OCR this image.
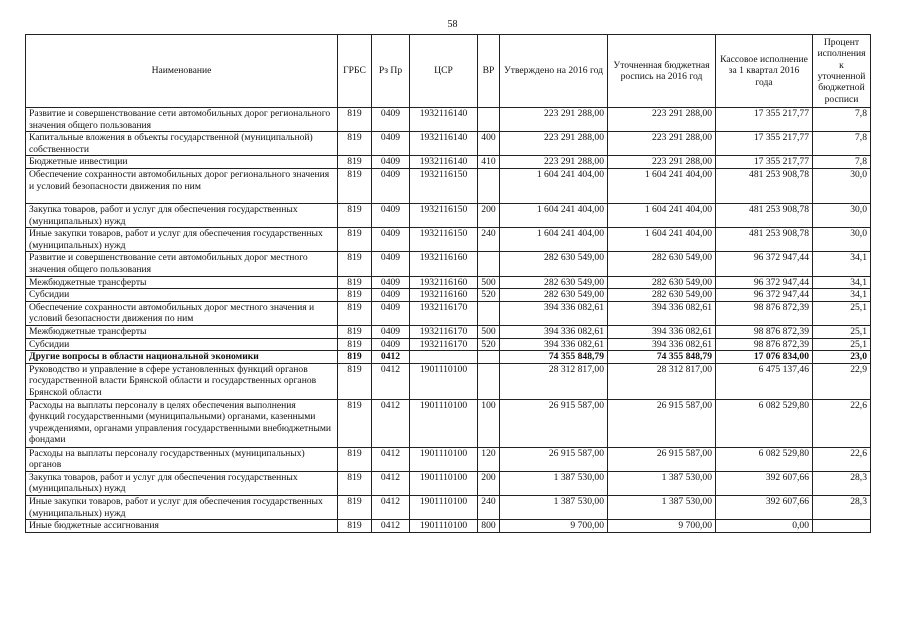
58
Наименование	ГРБС	Рз Пр	ЦСР	ВР	Утверждено на 2016 год	Уточненная бюджетная роспись на 2016 год	Кассовое исполнение за 1 квартал 2016 года	Процент исполнения к уточненной бюджетной росписи
Развитие и совершенствование сети автомобильных дорог регионального значения общего пользования	819	0409	1932116140		223 291 288,00	223 291 288,00	17 355 217,77	7,8
Капитальные вложения в объекты государственной (муниципальной) собственности	819	0409	1932116140	400	223 291 288,00	223 291 288,00	17 355 217,77	7,8
Бюджетные инвестиции	819	0409	1932116140	410	223 291 288,00	223 291 288,00	17 355 217,77	7,8
Обеспечение сохранности автомобильных дорог регионального значения и условий безопасности движения по ним	819	0409	1932116150		1 604 241 404,00	1 604 241 404,00	481 253 908,78	30,0
Закупка товаров, работ и услуг для обеспечения государственных (муниципальных) нужд	819	0409	1932116150	200	1 604 241 404,00	1 604 241 404,00	481 253 908,78	30,0
Иные закупки товаров, работ и услуг для обеспечения государственных (муниципальных) нужд	819	0409	1932116150	240	1 604 241 404,00	1 604 241 404,00	481 253 908,78	30,0
Развитие и совершенствование сети автомобильных дорог местного значения общего пользования	819	0409	1932116160		282 630 549,00	282 630 549,00	96 372 947,44	34,1
Межбюджетные трансферты	819	0409	1932116160	500	282 630 549,00	282 630 549,00	96 372 947,44	34,1
Субсидии	819	0409	1932116160	520	282 630 549,00	282 630 549,00	96 372 947,44	34,1
Обеспечение сохранности автомобильных дорог местного значения и условий безопасности движения по ним	819	0409	1932116170		394 336 082,61	394 336 082,61	98 876 872,39	25,1
Межбюджетные трансферты	819	0409	1932116170	500	394 336 082,61	394 336 082,61	98 876 872,39	25,1
Субсидии	819	0409	1932116170	520	394 336 082,61	394 336 082,61	98 876 872,39	25,1
Другие вопросы в области национальной экономики	819	0412			74 355 848,79	74 355 848,79	17 076 834,00	23,0
Руководство и управление в сфере установленных функций органов государственной власти Брянской области и государственных органов Брянской области	819	0412	1901110100		28 312 817,00	28 312 817,00	6 475 137,46	22,9
Расходы на выплаты персоналу в целях обеспечения выполнения функций государственными (муниципальными) органами, казенными учреждениями, органами управления государственными внебюджетными фондами	819	0412	1901110100	100	26 915 587,00	26 915 587,00	6 082 529,80	22,6
Расходы на выплаты персоналу государственных (муниципальных) органов	819	0412	1901110100	120	26 915 587,00	26 915 587,00	6 082 529,80	22,6
Закупка товаров, работ и услуг для обеспечения государственных (муниципальных) нужд	819	0412	1901110100	200	1 387 530,00	1 387 530,00	392 607,66	28,3
Иные закупки товаров, работ и услуг для обеспечения государственных (муниципальных) нужд	819	0412	1901110100	240	1 387 530,00	1 387 530,00	392 607,66	28,3
Иные бюджетные ассигнования	819	0412	1901110100	800	9 700,00	9 700,00	0,00	
